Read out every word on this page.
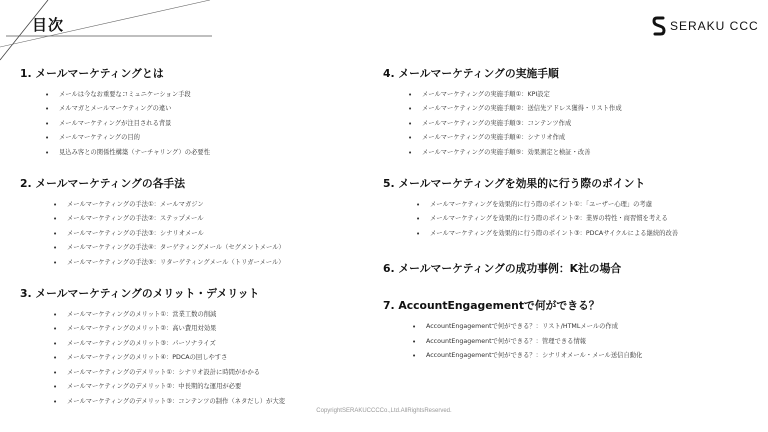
目次	SERAKU CCC
1. メールマーケティングとは
• メールは今なお重要なコミュニケーション手段
• メルマガとメールマーケティングの違い
• メールマーケティングが注目される背景
• メールマーケティングの目的
• 見込み客との関係性構築（ナーチャリング）の必要性
2. メールマーケティングの各手法
• メールマーケティングの手法①：メールマガジン
• メールマーケティングの手法②：ステップメール
• メールマーケティングの手法③：シナリオメール
• メールマーケティングの手法④：ターゲティングメール（セグメントメール）
• メールマーケティングの手法⑤：リターゲティングメール（トリガーメール）
3. メールマーケティングのメリット・デメリット
• メールマーケティングのメリット①：営業工数の削減
• メールマーケティングのメリット②：高い費用対効果
• メールマーケティングのメリット③：パーソナライズ
• メールマーケティングのメリット④：PDCAの回しやすさ
• メールマーケティングのデメリット①：シナリオ設計に時間がかかる
• メールマーケティングのデメリット②：中長期的な運用が必要
• メールマーケティングのデメリット③：コンテンツの制作（ネタだし）が大変
4. メールマーケティングの実施手順
• メールマーケティングの実施手順①：KPI設定
• メールマーケティングの実施手順②：送信先アドレス獲得・リスト作成
• メールマーケティングの実施手順③：コンテンツ作成
• メールマーケティングの実施手順④：シナリオ作成
• メールマーケティングの実施手順⑤：効果測定と検証・改善
5. メールマーケティングを効果的に行う際のポイント
• メールマーケティングを効果的に行う際のポイント①：「ユーザー心理」の考慮
• メールマーケティングを効果的に行う際のポイント②：業界の特性・商習慣を考える
• メールマーケティングを効果的に行う際のポイント③：PDCAサイクルによる継続的改善
6. メールマーケティングの成功事例：K社の場合
7. AccountEngagementで何ができる？
• AccountEngagementで何ができる？：リスト/HTMLメールの作成
• AccountEngagementで何ができる？：管理できる情報
• AccountEngagementで何ができる？：シナリオメール・メール送信自動化
CopyrightSERAKUCCCCo.,Ltd.AllRightsReserved.
